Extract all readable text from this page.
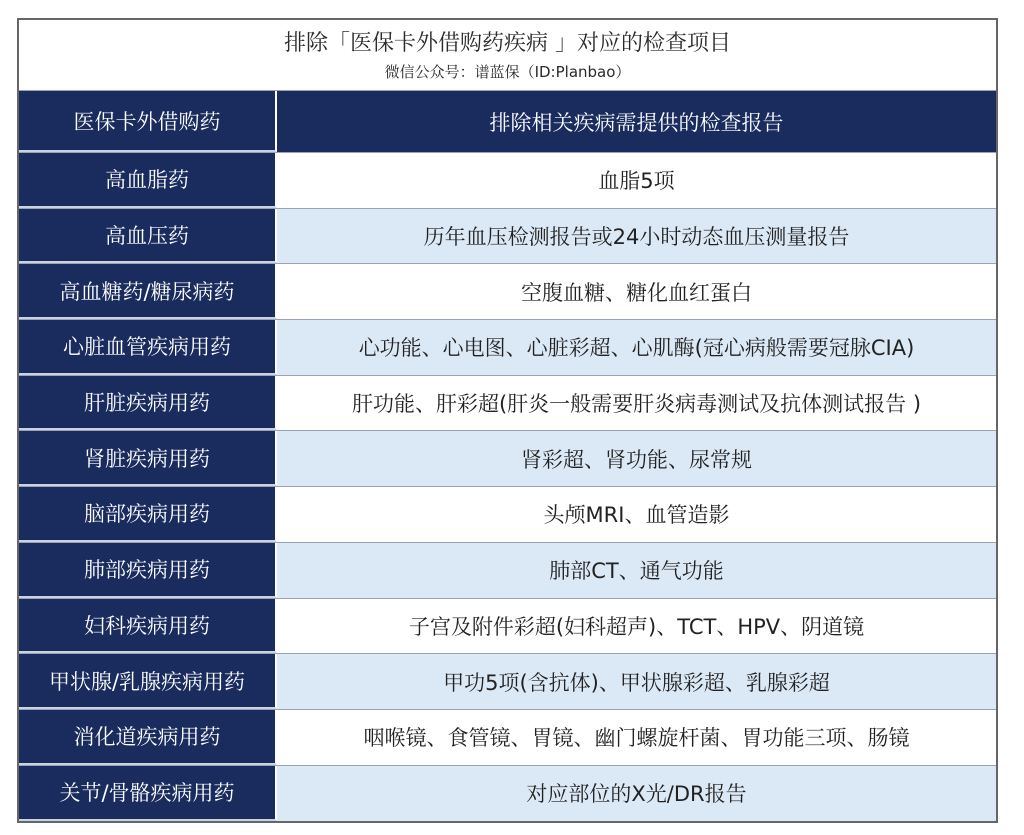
排除「医保卡外借购药疾病 」对应的检查项目
微信公众号：谱蓝保（ID:Planbao）
医保卡外借购药	排除相关疾病需提供的检查报告
高血脂药	血脂5项
高血压药	历年血压检测报告或24小时动态血压测量报告
高血糖药/糖尿病药	空腹血糖、糖化血红蛋白
心脏血管疾病用药	心功能、心电图、心脏彩超、心肌酶(冠心病般需要冠脉CIA)
肝脏疾病用药	肝功能、肝彩超(肝炎一般需要肝炎病毒测试及抗体测试报告 )
肾脏疾病用药	肾彩超、肾功能、尿常规
脑部疾病用药	头颅MRI、血管造影
肺部疾病用药	肺部CT、通气功能
妇科疾病用药	子宫及附件彩超(妇科超声)、TCT、HPV、阴道镜
甲状腺/乳腺疾病用药	甲功5项(含抗体)、甲状腺彩超、乳腺彩超
消化道疾病用药	咽喉镜、食管镜、胃镜、幽门螺旋杆菌、胃功能三项、肠镜
关节/骨骼疾病用药	对应部位的X光/DR报告
